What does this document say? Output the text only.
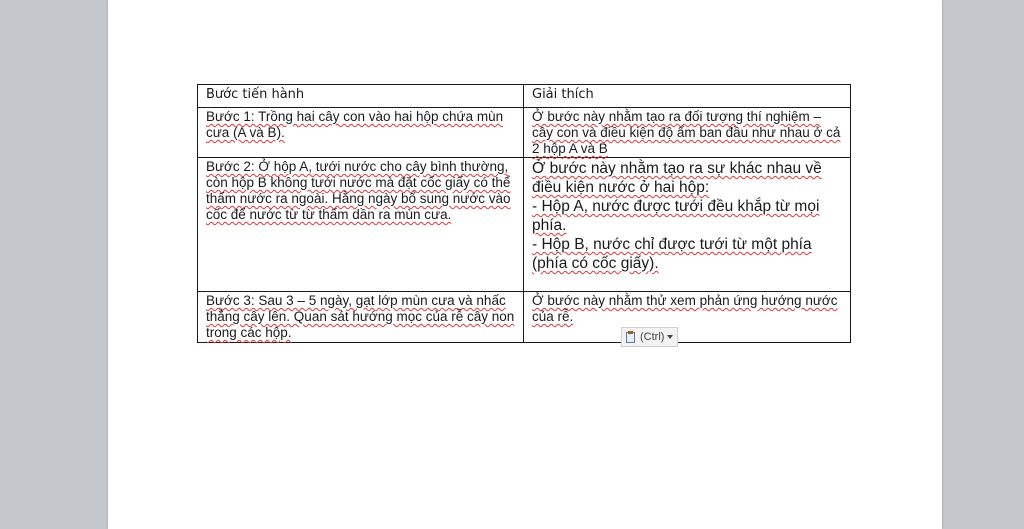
Bước tiến hành	Giải thích

Bước 1: Trồng hai cây con vào hai hộp chứa mùn cưa (A và B).	Ở bước này nhằm tạo ra đối tượng thí nghiệm – cây con và điều kiện độ ẩm ban đầu như nhau ở cả 2 hộp A và B

Bước 2: Ở hộp A, tưới nước cho cây bình thường, còn hộp B không tưới nước mà đặt cốc giấy có thể thấm nước ra ngoài. Hằng ngày bổ sung nước vào cốc để nước từ từ thấm dần ra mùn cưa.	Ở bước này nhằm tạo ra sự khác nhau về điều kiện nước ở hai hộp:
- Hộp A, nước được tưới đều khắp từ mọi phía.
- Hộp B, nước chỉ được tưới từ một phía (phía có cốc giấy).

Bước 3: Sau 3 – 5 ngày, gạt lớp mùn cưa và nhấc thẳng cây lên. Quan sát hướng mọc của rễ cây non trong các hộp.	Ở bước này nhằm thử xem phản ứng hướng nước của rễ.
(Ctrl)
